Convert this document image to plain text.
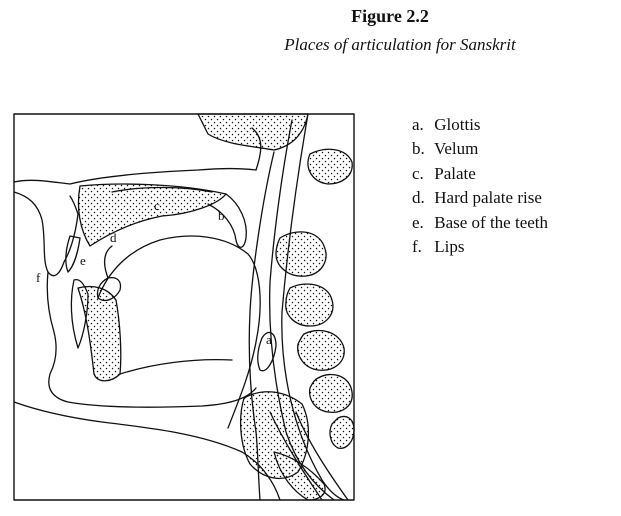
Figure 2.2
Places of articulation for Sanskrit
a
b
c
d
e
f
a. Glottis
b. Velum
c. Palate
d. Hard palate rise
e. Base of the teeth
f. Lips
